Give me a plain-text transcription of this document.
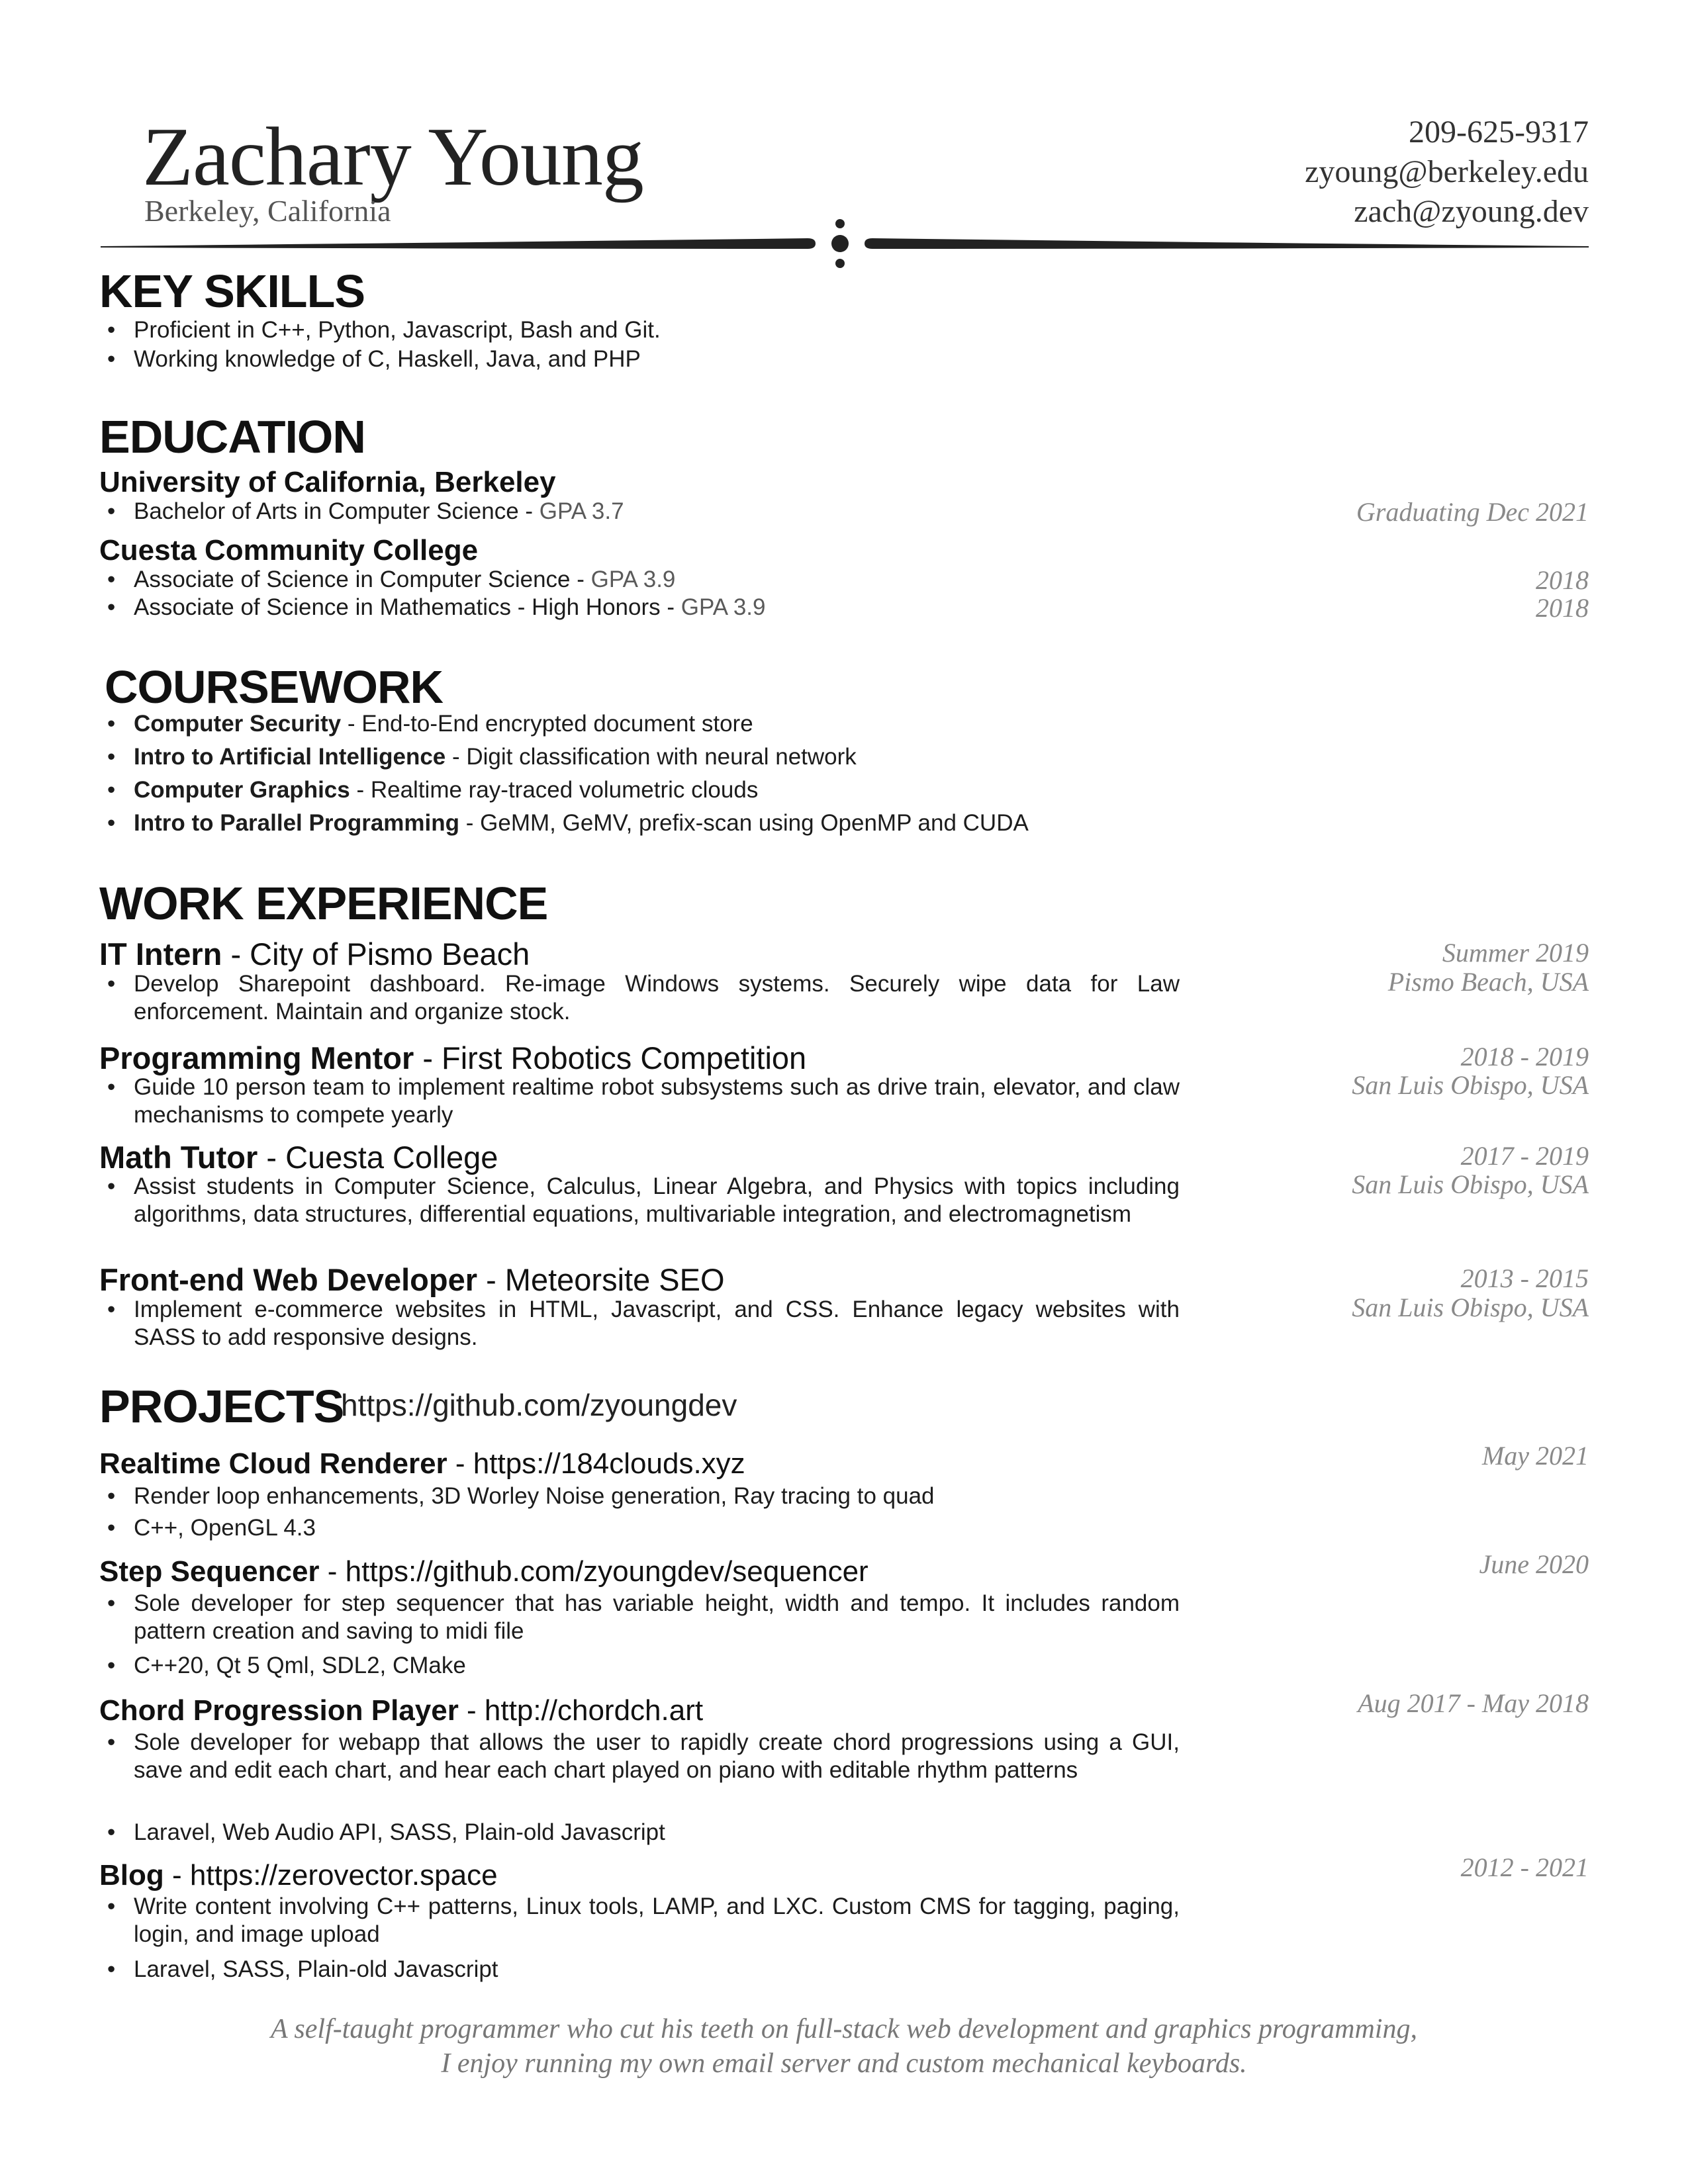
Zachary Young
Berkeley, California
209-625-9317
zyoung@berkeley.edu
zach@zyoung.dev
KEY SKILLS
• Proficient in C++, Python, Javascript, Bash and Git.
• Working knowledge of C, Haskell, Java, and PHP
EDUCATION
University of California, Berkeley
• Bachelor of Arts in Computer Science - GPA 3.7	Graduating Dec 2021
Cuesta Community College
• Associate of Science in Computer Science - GPA 3.9	2018
• Associate of Science in Mathematics - High Honors - GPA 3.9	2018
COURSEWORK
• Computer Security - End-to-End encrypted document store
• Intro to Artificial Intelligence - Digit classification with neural network
• Computer Graphics - Realtime ray-traced volumetric clouds
• Intro to Parallel Programming - GeMM, GeMV, prefix-scan using OpenMP and CUDA
WORK EXPERIENCE
IT Intern - City of Pismo Beach	Summer 2019
Pismo Beach, USA
• Develop Sharepoint dashboard. Re-image Windows systems. Securely wipe data for Law enforcement. Maintain and organize stock.
Programming Mentor - First Robotics Competition	2018 - 2019
San Luis Obispo, USA
• Guide 10 person team to implement realtime robot subsystems such as drive train, elevator, and claw mechanisms to compete yearly
Math Tutor - Cuesta College	2017 - 2019
San Luis Obispo, USA
• Assist students in Computer Science, Calculus, Linear Algebra, and Physics with topics including algorithms, data structures, differential equations, multivariable integration, and electromagnetism
Front-end Web Developer - Meteorsite SEO	2013 - 2015
San Luis Obispo, USA
• Implement e-commerce websites in HTML, Javascript, and CSS. Enhance legacy websites with SASS to add responsive designs.
PROJECTS
https://github.com/zyoungdev
Realtime Cloud Renderer - https://184clouds.xyz	May 2021
• Render loop enhancements, 3D Worley Noise generation, Ray tracing to quad
• C++, OpenGL 4.3
Step Sequencer - https://github.com/zyoungdev/sequencer	June 2020
• Sole developer for step sequencer that has variable height, width and tempo. It includes random pattern creation and saving to midi file
• C++20, Qt 5 Qml, SDL2, CMake
Chord Progression Player - http://chordch.art	Aug 2017 - May 2018
• Sole developer for webapp that allows the user to rapidly create chord progressions using a GUI, save and edit each chart, and hear each chart played on piano with editable rhythm patterns
• Laravel, Web Audio API, SASS, Plain-old Javascript
Blog - https://zerovector.space	2012 - 2021
• Write content involving C++ patterns, Linux tools, LAMP, and LXC. Custom CMS for tagging, paging, login, and image upload
• Laravel, SASS, Plain-old Javascript
A self-taught programmer who cut his teeth on full-stack web development and graphics programming,
I enjoy running my own email server and custom mechanical keyboards.
